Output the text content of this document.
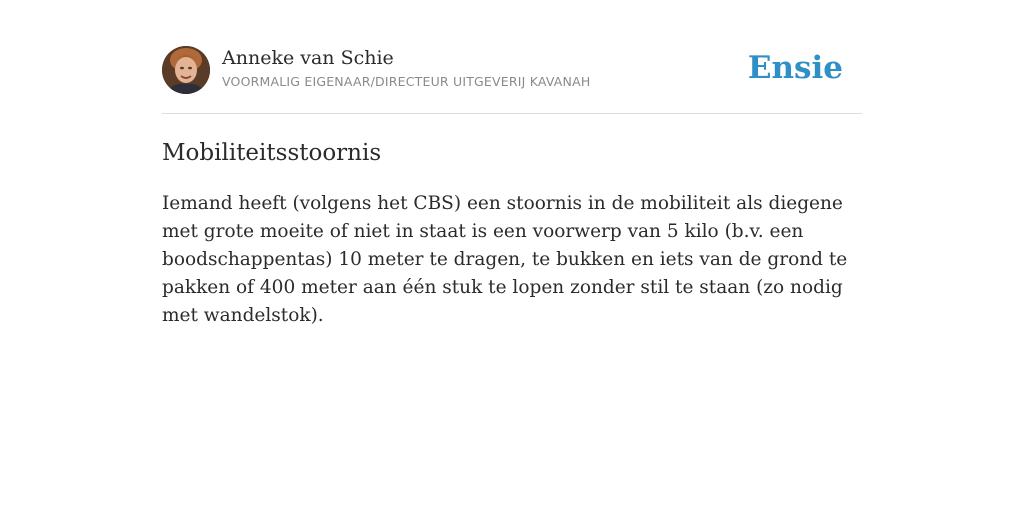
Anneke van Schie
VOORMALIG EIGENAAR/DIRECTEUR UITGEVERIJ KAVANAH	Ensie
Mobiliteitsstoornis

Iemand heeft (volgens het CBS) een stoornis in de mobiliteit als diegene met grote moeite of niet in staat is een voorwerp van 5 kilo (b.v. een boodschappentas) 10 meter te dragen, te bukken en iets van de grond te pakken of 400 meter aan één stuk te lopen zonder stil te staan (zo nodig met wandelstok).
